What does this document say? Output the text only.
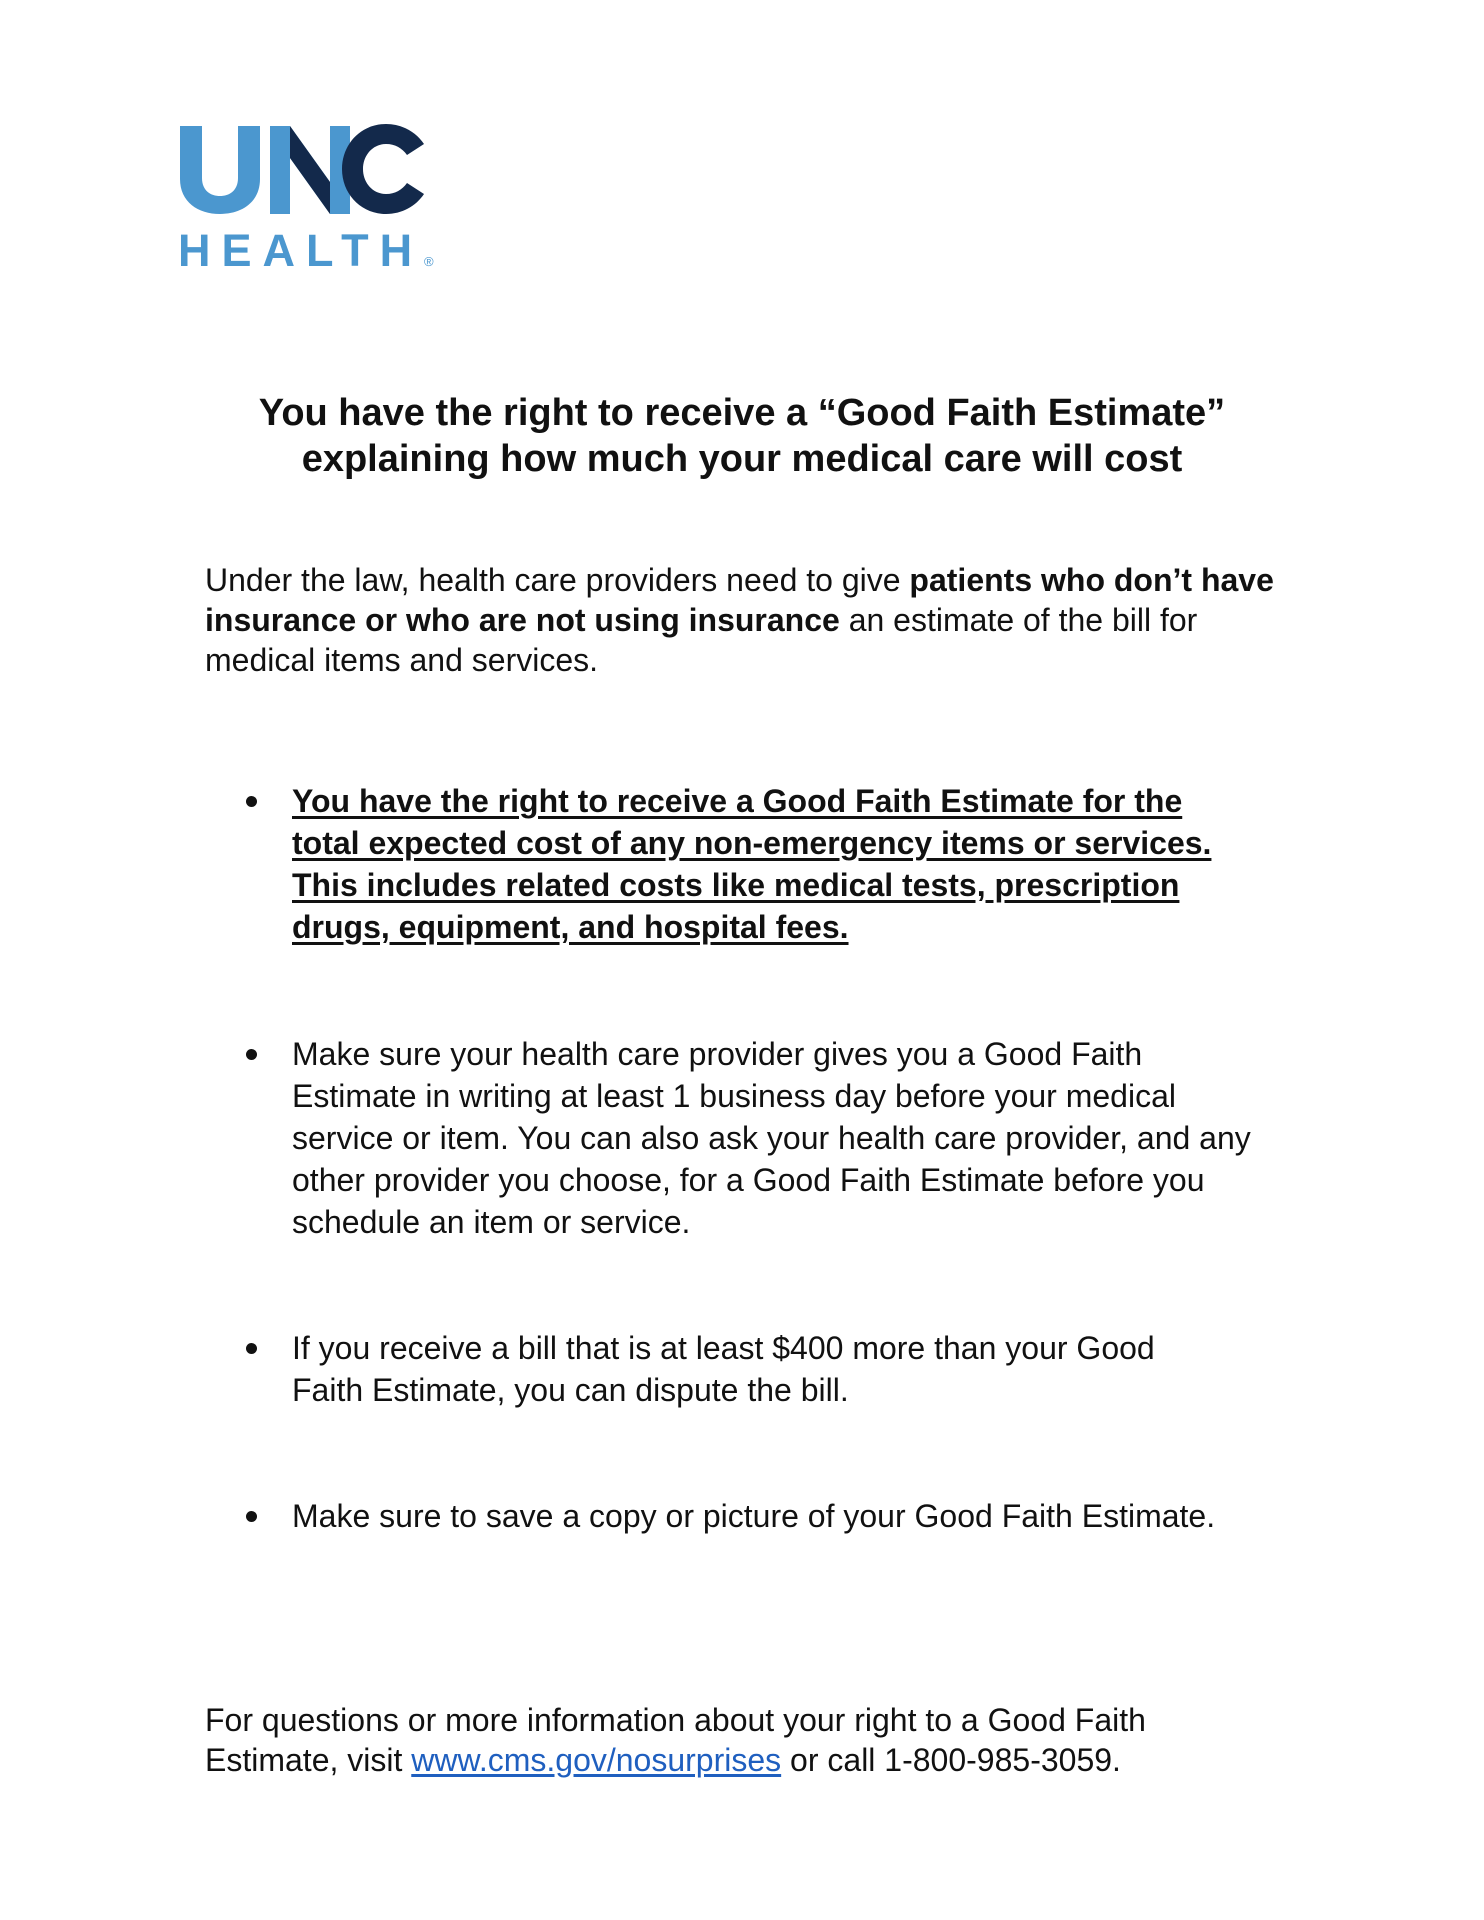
HEALTH ®
You have the right to receive a “Good Faith Estimate”
explaining how much your medical care will cost

Under the law, health care providers need to give patients who don’t have insurance or who are not using insurance an estimate of the bill for medical items and services.

You have the right to receive a Good Faith Estimate for the total expected cost of any non-emergency items or services. This includes related costs like medical tests, prescription drugs, equipment, and hospital fees.

Make sure your health care provider gives you a Good Faith Estimate in writing at least 1 business day before your medical service or item. You can also ask your health care provider, and any other provider you choose, for a Good Faith Estimate before you schedule an item or service.

If you receive a bill that is at least $400 more than your Good Faith Estimate, you can dispute the bill.

Make sure to save a copy or picture of your Good Faith Estimate.

For questions or more information about your right to a Good Faith Estimate, visit www.cms.gov/nosurprises or call 1-800-985-3059.
